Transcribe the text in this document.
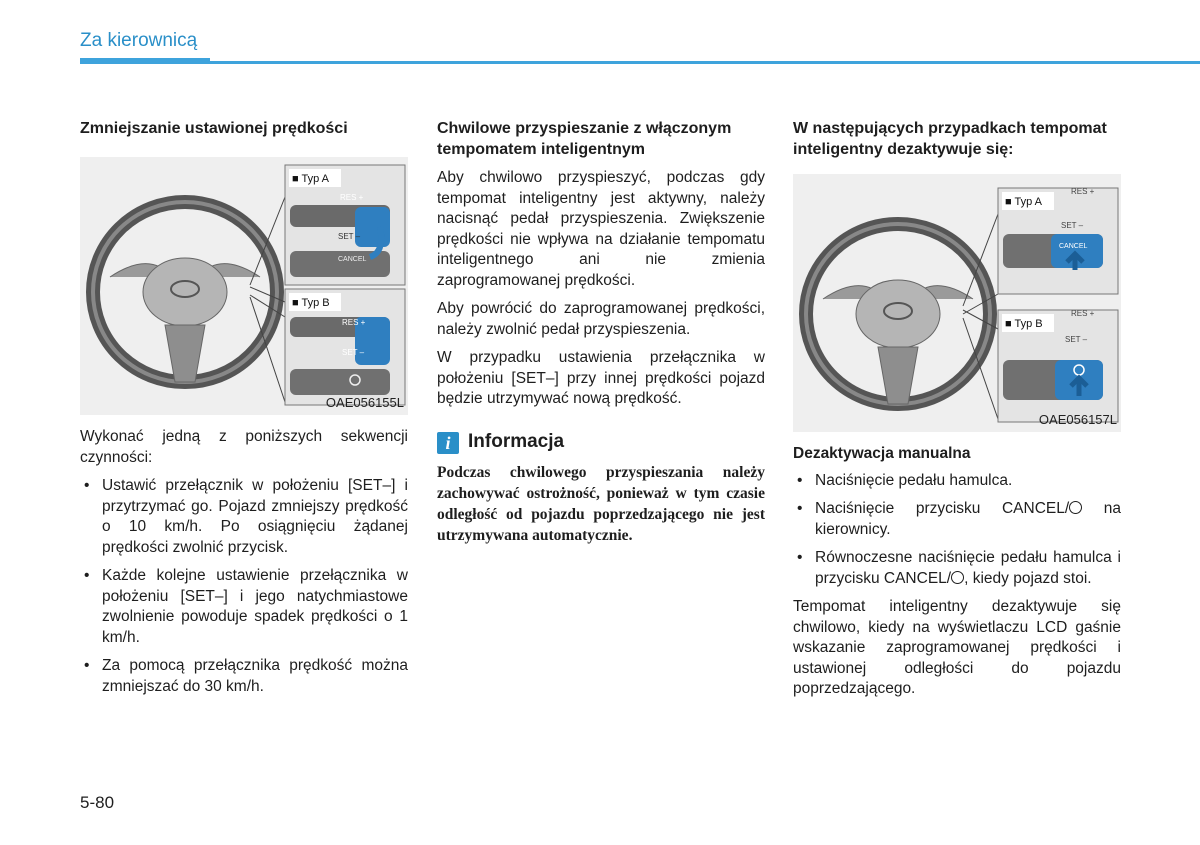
Za kierownicą
Zmniejszanie ustawionej prędkości
RES +
SET –
CANCEL
■ Typ A
RES +
SET –
■ Typ B
OAE056155L

Wykonać jedną z poniższych sekwencji czynności:

• Ustawić przełącznik w położeniu [SET–] i przytrzymać go. Pojazd zmniejszy prędkość o 10 km/h. Po osiągnięciu żądanej prędkości zwolnić przycisk.
• Każde kolejne ustawienie przełącznika w położeniu [SET–] i jego natychmiastowe zwolnienie powoduje spadek prędkości o 1 km/h.
• Za pomocą przełącznika prędkość można zmniejszać do 30 km/h.
Chwilowe przyspieszanie z włączonym tempomatem inteligentnym

Aby chwilowo przyspieszyć, podczas gdy tempomat inteligentny jest aktywny, należy nacisnąć pedał przyspieszenia. Zwiększenie prędkości nie wpływa na działanie tempomatu inteligentnego ani nie zmienia zaprogramowanej prędkości.

Aby powrócić do zaprogramowanej prędkości, należy zwolnić pedał przyspieszenia.

W przypadku ustawienia przełącznika w położeniu [SET–] przy innej prędkości pojazd będzie utrzymywać nową prędkość.

i Informacja
Podczas chwilowego przyspieszania należy zachowywać ostrożność, ponieważ w tym czasie odległość od pojazdu poprzedzającego nie jest utrzymywana automatycznie.
W następujących przypadkach tempomat inteligentny dezaktywuje się:
RES +
SET –
CANCEL
■ Typ A
RES +
SET –
■ Typ B
OAE056157L
Dezaktywacja manualna
• Naciśnięcie pedału hamulca.
• Naciśnięcie przycisku CANCEL/ na kierownicy.
• Równoczesne naciśnięcie pedału hamulca i przycisku CANCEL/ , kiedy pojazd stoi.

Tempomat inteligentny dezaktywuje się chwilowo, kiedy na wyświetlaczu LCD gaśnie wskazanie zaprogramowanej prędkości i ustawionej odległości do pojazdu poprzedzającego.

5-80
